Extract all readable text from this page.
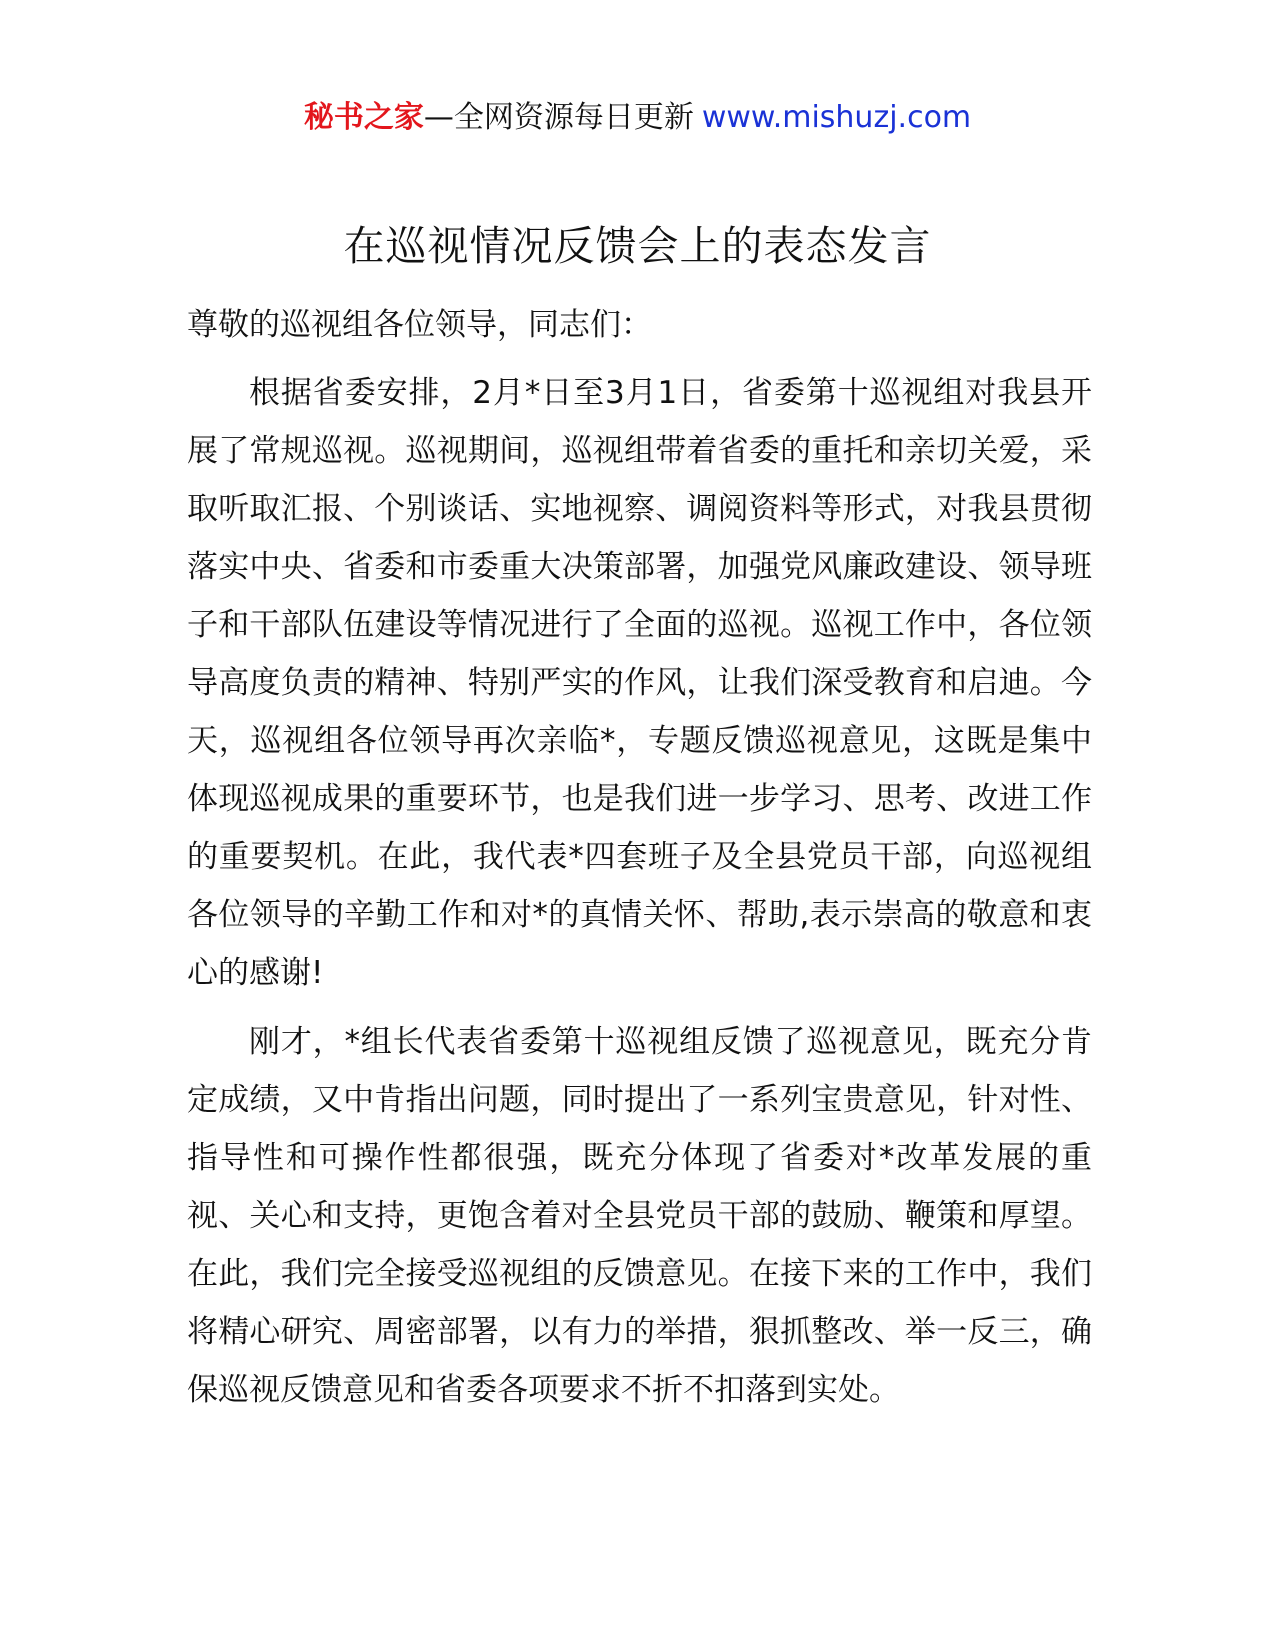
秘书之家—全网资源每日更新 www.mishuzj.com
在巡视情况反馈会上的表态发言

尊敬的巡视组各位领导，同志们：

根据省委安排，2月*日至3月1日，省委第十巡视组对我县开展了常规巡视。巡视期间，巡视组带着省委的重托和亲切关爱，采取听取汇报、个别谈话、实地视察、调阅资料等形式，对我县贯彻落实中央、省委和市委重大决策部署，加强党风廉政建设、领导班子和干部队伍建设等情况进行了全面的巡视。巡视工作中，各位领导高度负责的精神、特别严实的作风，让我们深受教育和启迪。今天，巡视组各位领导再次亲临*，专题反馈巡视意见，这既是集中体现巡视成果的重要环节，也是我们进一步学习、思考、改进工作的重要契机。在此，我代表*四套班子及全县党员干部，向巡视组各位领导的辛勤工作和对*的真情关怀、帮助,表示崇高的敬意和衷心的感谢!

刚才，*组长代表省委第十巡视组反馈了巡视意见，既充分肯定成绩，又中肯指出问题，同时提出了一系列宝贵意见，针对性、指导性和可操作性都很强，既充分体现了省委对*改革发展的重视、关心和支持，更饱含着对全县党员干部的鼓励、鞭策和厚望。在此，我们完全接受巡视组的反馈意见。在接下来的工作中，我们将精心研究、周密部署，以有力的举措，狠抓整改、举一反三，确保巡视反馈意见和省委各项要求不折不扣落到实处。
